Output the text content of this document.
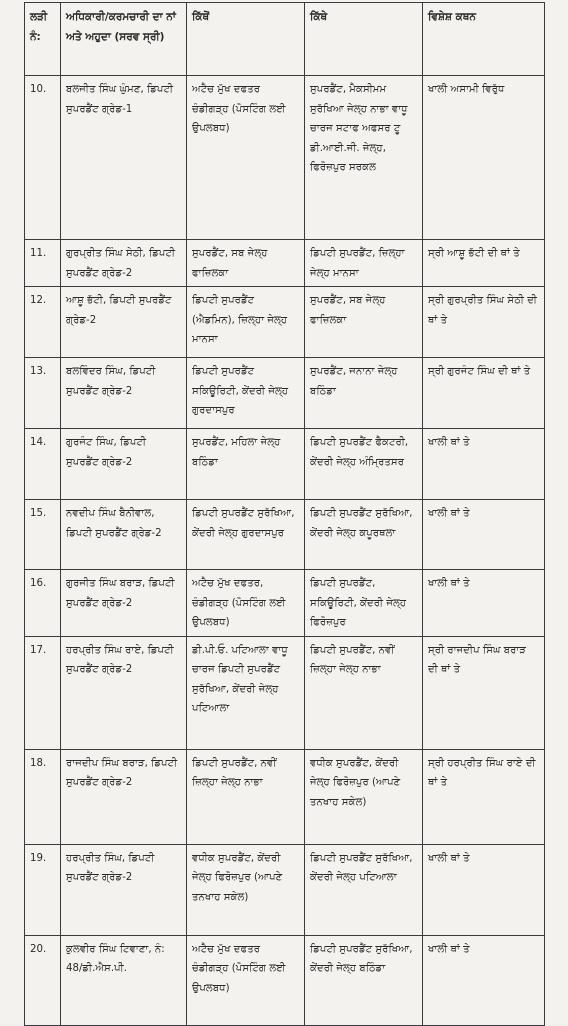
ਲੜੀ ਨੰ:	ਅਧਿਕਾਰੀ/ਕਰਮਚਾਰੀ ਦਾ ਨਾਂ ਅਤੇ ਅਹੁਦਾ (ਸਰਵ ਸ੍ਰੀ)	ਕਿੱਥੋਂ	ਕਿੱਥੇ	ਵਿਸ਼ੇਸ਼ ਕਥਨ
10.	ਬਲਜੀਤ ਸਿੰਘ ਘੁੰਮਣ, ਡਿਪਟੀ ਸੁਪਰਡੈਂਟ ਗ੍ਰੇਡ-1	ਅਟੈਚ ਮੁੱਖ ਦਫਤਰ ਚੰਡੀਗੜ੍ਹ (ਪੋਸਟਿੰਗ ਲਈ ਉਪਲਬਧ)	ਸੁਪਰਡੈਂਟ, ਮੈਕਸੀਮਮ ਸੁਰੱਖਿਆ ਜੇਲ੍ਹ ਨਾਭਾ ਵਾਧੂ ਚਾਰਜ ਸਟਾਫ ਅਫਸਰ ਟੂ ਡੀ.ਆਈ.ਜੀ. ਜੇਲ੍ਹ, ਫਿਰੋਜ਼ਪੁਰ ਸਰਕਲ	ਖਾਲੀ ਅਸਾਮੀ ਵਿਰੁੱਧ
11.	ਗੁਰਪ੍ਰੀਤ ਸਿੰਘ ਸੇਠੀ, ਡਿਪਟੀ ਸੁਪਰਡੈਂਟ ਗ੍ਰੇਡ-2	ਸੁਪਰਡੈਂਟ, ਸਬ ਜੇਲ੍ਹ ਫਾਜ਼ਿਲਕਾ	ਡਿਪਟੀ ਸੁਪਰਡੈਂਟ, ਜ਼ਿਲ੍ਹਾ ਜੇਲ੍ਹ ਮਾਨਸਾ	ਸ੍ਰੀ ਆਸ਼ੂ ਭੱਟੀ ਦੀ ਥਾਂ ਤੇ
12.	ਆਸ਼ੂ ਭੱਟੀ, ਡਿਪਟੀ ਸੁਪਰਡੈਂਟ ਗ੍ਰੇਡ-2	ਡਿਪਟੀ ਸੁਪਰਡੈਂਟ (ਐਡਮਿਨ), ਜ਼ਿਲ੍ਹਾ ਜੇਲ੍ਹ ਮਾਨਸਾ	ਸੁਪਰਡੈਂਟ, ਸਬ ਜੇਲ੍ਹ ਫਾਜ਼ਿਲਕਾ	ਸ੍ਰੀ ਗੁਰਪ੍ਰੀਤ ਸਿੰਘ ਸੇਠੀ ਦੀ ਥਾਂ ਤੇ
13.	ਬਲਵਿੰਦਰ ਸਿੰਘ, ਡਿਪਟੀ ਸੁਪਰਡੈਂਟ ਗ੍ਰੇਡ-2	ਡਿਪਟੀ ਸੁਪਰਡੈਂਟ ਸਕਿਊਰਿਟੀ, ਕੇਂਦਰੀ ਜੇਲ੍ਹ ਗੁਰਦਾਸਪੁਰ	ਸੁਪਰਡੈਂਟ, ਜਨਾਨਾ ਜੇਲ੍ਹ ਬਠਿੰਡਾ	ਸ੍ਰੀ ਗੁਰਜੰਟ ਸਿੰਘ ਦੀ ਥਾਂ ਤੇ
14.	ਗੁਰਜੰਟ ਸਿੰਘ, ਡਿਪਟੀ ਸੁਪਰਡੈਂਟ ਗ੍ਰੇਡ-2	ਸੁਪਰਡੈਂਟ, ਮਹਿਲਾ ਜੇਲ੍ਹ ਬਠਿੰਡਾ	ਡਿਪਟੀ ਸੁਪਰਡੈਂਟ ਫੈਕਟਰੀ, ਕੇਂਦਰੀ ਜੇਲ੍ਹ ਅੰਮ੍ਰਿਤਸਰ	ਖਾਲੀ ਥਾਂ ਤੇ
15.	ਨਵਦੀਪ ਸਿੰਘ ਬੈਨੀਵਾਲ, ਡਿਪਟੀ ਸੁਪਰਡੈਂਟ ਗ੍ਰੇਡ-2	ਡਿਪਟੀ ਸੁਪਰਡੈਂਟ ਸੁਰੱਖਿਆ, ਕੇਂਦਰੀ ਜੇਲ੍ਹ ਗੁਰਦਾਸਪੁਰ	ਡਿਪਟੀ ਸੁਪਰਡੈਂਟ ਸੁਰੱਖਿਆ, ਕੇਂਦਰੀ ਜੇਲ੍ਹ ਕਪੂਰਥਲਾ	ਖਾਲੀ ਥਾਂ ਤੇ
16.	ਗੁਰਜੀਤ ਸਿੰਘ ਬਰਾੜ, ਡਿਪਟੀ ਸੁਪਰਡੈਂਟ ਗ੍ਰੇਡ-2	ਅਟੈਚ ਮੁੱਖ ਦਫਤਰ, ਚੰਡੀਗੜ੍ਹ (ਪੋਸਟਿੰਗ ਲਈ ਉਪਲਬਧ)	ਡਿਪਟੀ ਸੁਪਰਡੈਂਟ, ਸਕਿਊਰਿਟੀ, ਕੇਂਦਰੀ ਜੇਲ੍ਹ ਫਿਰੋਜ਼ਪੁਰ	ਖਾਲੀ ਥਾਂ ਤੇ
17.	ਹਰਪ੍ਰੀਤ ਸਿੰਘ ਰਾਏ, ਡਿਪਟੀ ਸੁਪਰਡੈਂਟ ਗ੍ਰੇਡ-2	ਡੀ.ਪੀ.ਓ. ਪਟਿਆਲਾ ਵਾਧੂ ਚਾਰਜ ਡਿਪਟੀ ਸੁਪਰਡੈਂਟ ਸੁਰੱਖਿਆ, ਕੇਂਦਰੀ ਜੇਲ੍ਹ ਪਟਿਆਲਾ	ਡਿਪਟੀ ਸੁਪਰਡੈਂਟ, ਨਵੀਂ ਜ਼ਿਲ੍ਹਾ ਜੇਲ੍ਹ ਨਾਭਾ	ਸ੍ਰੀ ਰਾਜਦੀਪ ਸਿੰਘ ਬਰਾੜ ਦੀ ਥਾਂ ਤੇ
18.	ਰਾਜਦੀਪ ਸਿੰਘ ਬਰਾੜ, ਡਿਪਟੀ ਸੁਪਰਡੈਂਟ ਗ੍ਰੇਡ-2	ਡਿਪਟੀ ਸੁਪਰਡੈਂਟ, ਨਵੀਂ ਜ਼ਿਲ੍ਹਾ ਜੇਲ੍ਹ ਨਾਭਾ	ਵਧੀਕ ਸੁਪਰਡੈਂਟ, ਕੇਂਦਰੀ ਜੇਲ੍ਹ ਫਿਰੋਜ਼ਪੁਰ (ਆਪਣੇ ਤਨਖਾਹ ਸਕੇਲ)	ਸ੍ਰੀ ਹਰਪ੍ਰੀਤ ਸਿੰਘ ਰਾਏ ਦੀ ਥਾਂ ਤੇ
19.	ਹਰਪ੍ਰੀਤ ਸਿੰਘ, ਡਿਪਟੀ ਸੁਪਰਡੈਂਟ ਗ੍ਰੇਡ-2	ਵਧੀਕ ਸੁਪਰਡੈਂਟ, ਕੇਂਦਰੀ ਜੇਲ੍ਹ ਫਿਰੋਜ਼ਪੁਰ (ਆਪਣੇ ਤਨਖਾਹ ਸਕੇਲ)	ਡਿਪਟੀ ਸੁਪਰਡੈਂਟ ਸੁਰੱਖਿਆ, ਕੇਂਦਰੀ ਜੇਲ੍ਹ ਪਟਿਆਲਾ	ਖਾਲੀ ਥਾਂ ਤੇ
20.	ਕੁਲਵੀਰ ਸਿੰਘ ਟਿਵਾਣਾ, ਨੰ: 48/ਡੀ.ਐਸ.ਪੀ.	ਅਟੈਚ ਮੁੱਖ ਦਫਤਰ ਚੰਡੀਗੜ੍ਹ (ਪੋਸਟਿੰਗ ਲਈ ਉਪਲਬਧ)	ਡਿਪਟੀ ਸੁਪਰਡੈਂਟ ਸੁਰੱਖਿਆ, ਕੇਂਦਰੀ ਜੇਲ੍ਹ ਬਠਿੰਡਾ	ਖਾਲੀ ਥਾਂ ਤੇ
